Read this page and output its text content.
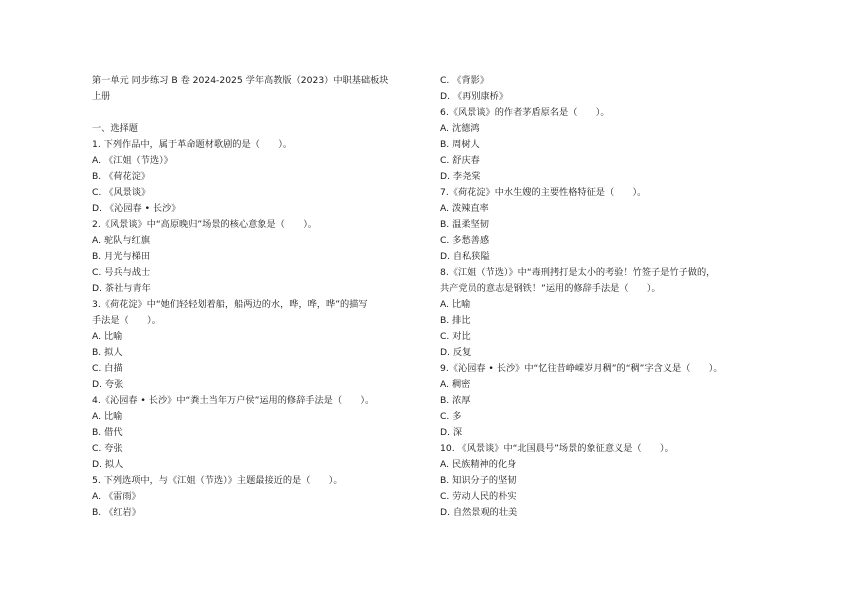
第一单元 同步练习 B 卷 2024-2025 学年高教版（2023）中职基础板块
上册
一、选择题
1. 下列作品中，属于革命题材歌剧的是（　　）。
A. 《江姐（节选）》
B. 《荷花淀》
C. 《风景谈》
D. 《沁园春 • 长沙》
2.《风景谈》中“高原晚归”场景的核心意象是（　　）。
A. 驼队与红旗
B. 月光与梯田
C. 号兵与战士
D. 茶社与青年
3.《荷花淀》中“她们轻轻划着船，船两边的水，哗，哗，哗”的描写
手法是（　　）。
A. 比喻
B. 拟人
C. 白描
D. 夸张
4.《沁园春 • 长沙》中“粪土当年万户侯”运用的修辞手法是（　　）。
A. 比喻
B. 借代
C. 夸张
D. 拟人
5. 下列选项中，与《江姐（节选）》主题最接近的是（　　）。
A. 《雷雨》
B. 《红岩》
C. 《背影》
D. 《再别康桥》
6.《风景谈》的作者茅盾原名是（　　）。
A. 沈德鸿
B. 周树人
C. 舒庆春
D. 李尧棠
7.《荷花淀》中水生嫂的主要性格特征是（　　）。
A. 泼辣直率
B. 温柔坚韧
C. 多愁善感
D. 自私狭隘
8.《江姐（节选）》中“毒刑拷打是太小的考验！竹签子是竹子做的，
共产党员的意志是钢铁！”运用的修辞手法是（　　）。
A. 比喻
B. 排比
C. 对比
D. 反复
9.《沁园春 • 长沙》中“忆往昔峥嵘岁月稠”的“稠”字含义是（　　）。
A. 稠密
B. 浓厚
C. 多
D. 深
10. 《风景谈》中“北国晨号”场景的象征意义是（　　）。
A. 民族精神的化身
B. 知识分子的坚韧
C. 劳动人民的朴实
D. 自然景观的壮美
